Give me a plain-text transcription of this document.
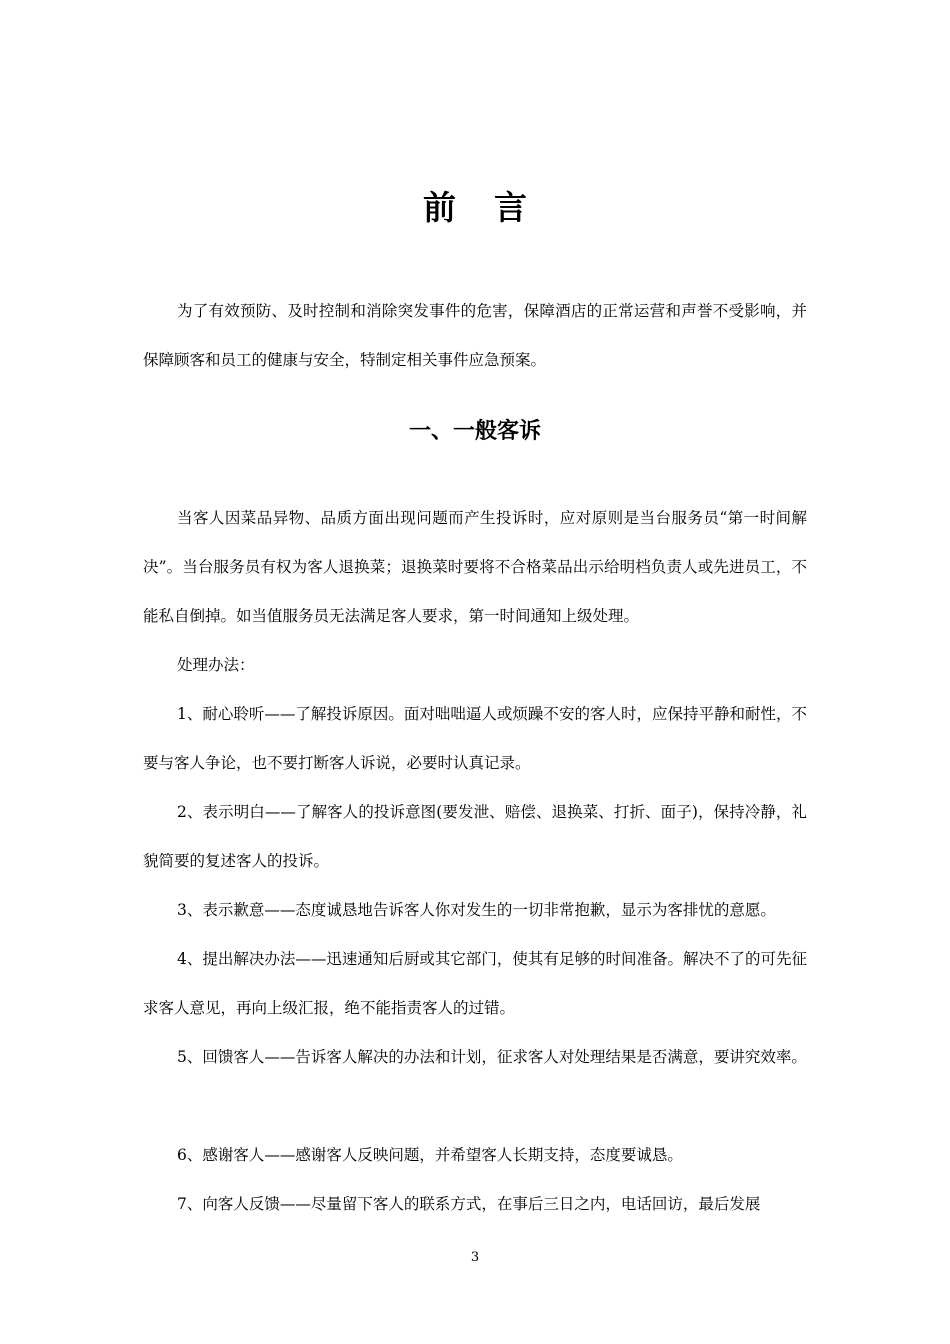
前言

为了有效预防、及时控制和消除突发事件的危害，保障酒店的正常运营和声誉不受影响，并保障顾客和员工的健康与安全，特制定相关事件应急预案。

一、一般客诉

当客人因菜品异物、品质方面出现问题而产生投诉时，应对原则是当台服务员“第一时间解决”。当台服务员有权为客人退换菜；退换菜时要将不合格菜品出示给明档负责人或先进员工，不能私自倒掉。如当值服务员无法满足客人要求，第一时间通知上级处理。

处理办法：

1、耐心聆听——了解投诉原因。面对咄咄逼人或烦躁不安的客人时，应保持平静和耐性，不要与客人争论，也不要打断客人诉说，必要时认真记录。

2、表示明白——了解客人的投诉意图(要发泄、赔偿、退换菜、打折、面子)，保持冷静，礼貌简要的复述客人的投诉。

3、表示歉意——态度诚恳地告诉客人你对发生的一切非常抱歉，显示为客排忧的意愿。

4、提出解决办法——迅速通知后厨或其它部门，使其有足够的时间准备。解决不了的可先征求客人意见，再向上级汇报，绝不能指责客人的过错。

5、回馈客人——告诉客人解决的办法和计划，征求客人对处理结果是否满意，要讲究效率。

6、感谢客人——感谢客人反映问题，并希望客人长期支持，态度要诚恳。

7、向客人反馈——尽量留下客人的联系方式，在事后三日之内，电话回访，最后发展

3
